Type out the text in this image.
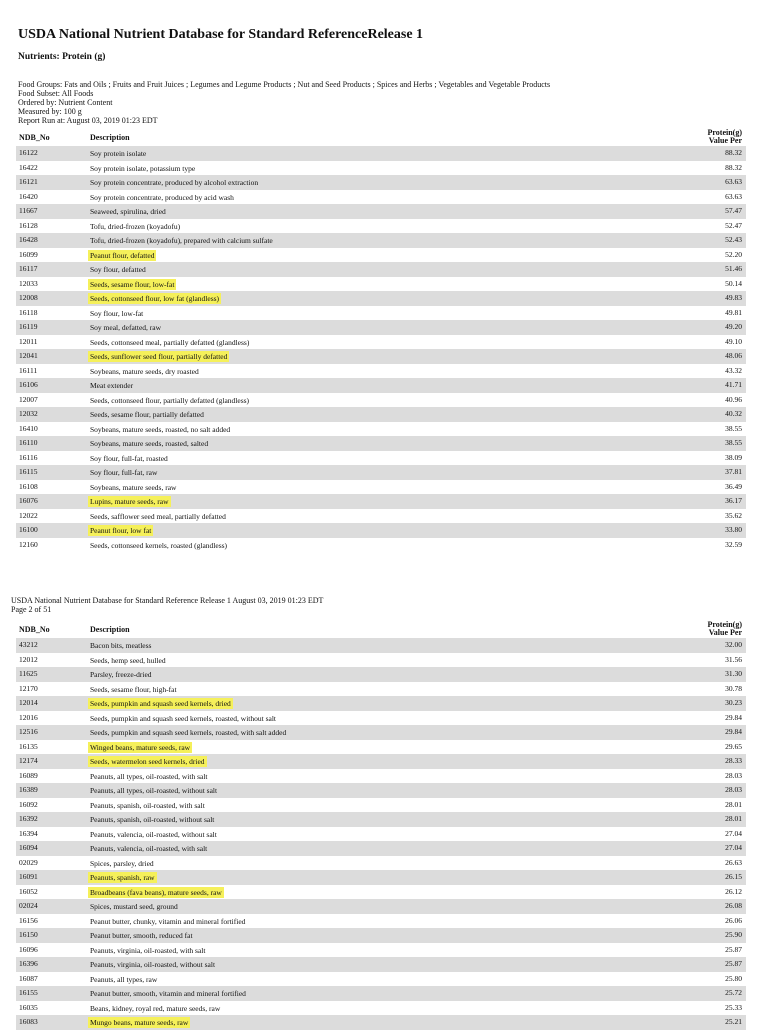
USDA National Nutrient Database for Standard ReferenceRelease 1
Nutrients: Protein (g)
Food Groups: Fats and Oils ; Fruits and Fruit Juices ; Legumes and Legume Products ; Nut and Seed Products ; Spices and Herbs ; Vegetables and Vegetable Products
Food Subset: All Foods
Ordered by: Nutrient Content
Measured by: 100 g
Report Run at: August 03, 2019 01:23 EDT
NDB_No	Description
Protein(g)
Value Per
16122	Soy protein isolate	88.32
16422	Soy protein isolate, potassium type	88.32
16121	Soy protein concentrate, produced by alcohol extraction	63.63
16420	Soy protein concentrate, produced by acid wash	63.63
11667	Seaweed, spirulina, dried	57.47
16128	Tofu, dried-frozen (koyadofu)	52.47
16428	Tofu, dried-frozen (koyadofu), prepared with calcium sulfate	52.43
16099	Peanut flour, defatted	52.20
16117	Soy flour, defatted	51.46
12033	Seeds, sesame flour, low-fat	50.14
12008	Seeds, cottonseed flour, low fat (glandless)	49.83
16118	Soy flour, low-fat	49.81
16119	Soy meal, defatted, raw	49.20
12011	Seeds, cottonseed meal, partially defatted (glandless)	49.10
12041	Seeds, sunflower seed flour, partially defatted	48.06
16111	Soybeans, mature seeds, dry roasted	43.32
16106	Meat extender	41.71
12007	Seeds, cottonseed flour, partially defatted (glandless)	40.96
12032	Seeds, sesame flour, partially defatted	40.32
16410	Soybeans, mature seeds, roasted, no salt added	38.55
16110	Soybeans, mature seeds, roasted, salted	38.55
16116	Soy flour, full-fat, roasted	38.09
16115	Soy flour, full-fat, raw	37.81
16108	Soybeans, mature seeds, raw	36.49
16076	Lupins, mature seeds, raw	36.17
12022	Seeds, safflower seed meal, partially defatted	35.62
16100	Peanut flour, low fat	33.80
12160	Seeds, cottonseed kernels, roasted (glandless)	32.59
USDA National Nutrient Database for Standard Reference Release 1 August 03, 2019 01:23 EDT
Page 2 of 51
NDB_No	Description
Protein(g)
Value Per
43212	Bacon bits, meatless	32.00
12012	Seeds, hemp seed, hulled	31.56
11625	Parsley, freeze-dried	31.30
12170	Seeds, sesame flour, high-fat	30.78
12014	Seeds, pumpkin and squash seed kernels, dried	30.23
12016	Seeds, pumpkin and squash seed kernels, roasted, without salt	29.84
12516	Seeds, pumpkin and squash seed kernels, roasted, with salt added	29.84
16135	Winged beans, mature seeds, raw	29.65
12174	Seeds, watermelon seed kernels, dried	28.33
16089	Peanuts, all types, oil-roasted, with salt	28.03
16389	Peanuts, all types, oil-roasted, without salt	28.03
16092	Peanuts, spanish, oil-roasted, with salt	28.01
16392	Peanuts, spanish, oil-roasted, without salt	28.01
16394	Peanuts, valencia, oil-roasted, without salt	27.04
16094	Peanuts, valencia, oil-roasted, with salt	27.04
02029	Spices, parsley, dried	26.63
16091	Peanuts, spanish, raw	26.15
16052	Broadbeans (fava beans), mature seeds, raw	26.12
02024	Spices, mustard seed, ground	26.08
16156	Peanut butter, chunky, vitamin and mineral fortified	26.06
16150	Peanut butter, smooth, reduced fat	25.90
16096	Peanuts, virginia, oil-roasted, with salt	25.87
16396	Peanuts, virginia, oil-roasted, without salt	25.87
16087	Peanuts, all types, raw	25.80
16155	Peanut butter, smooth, vitamin and mineral fortified	25.72
16035	Beans, kidney, royal red, mature seeds, raw	25.33
16083	Mungo beans, mature seeds, raw	25.21
